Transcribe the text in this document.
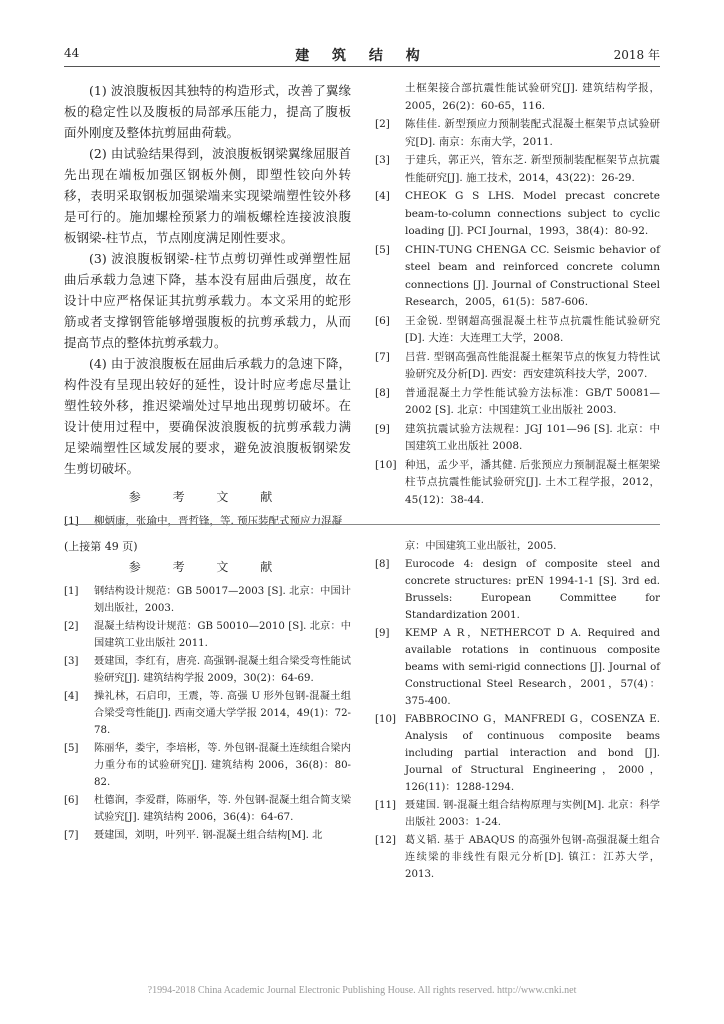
44	建 筑 结 构	2018 年

(1) 波浪腹板因其独特的构造形式，改善了翼缘板的稳定性以及腹板的局部承压能力，提高了腹板面外刚度及整体抗剪屈曲荷载。

(2) 由试验结果得到，波浪腹板钢梁翼缘屈服首先出现在端板加强区钢板外侧，即塑性铰向外转移，表明采取钢板加强梁端来实现梁端塑性铰外移是可行的。施加螺栓预紧力的端板螺栓连接波浪腹板钢梁-柱节点，节点刚度满足刚性要求。

(3) 波浪腹板钢梁-柱节点剪切弹性或弹塑性屈曲后承载力急速下降，基本没有屈曲后强度，故在设计中应严格保证其抗剪承载力。本文采用的蛇形筋或者支撑钢管能够增强腹板的抗剪承载力，从而提高节点的整体抗剪承载力。

(4) 由于波浪腹板在屈曲后承载力的急速下降，构件没有呈现出较好的延性，设计时应考虑尽量让塑性较外移，推迟梁端处过早地出现剪切破坏。在设计使用过程中，要确保波浪腹板的抗剪承载力满足梁端塑性区域发展的要求，避免波浪腹板钢梁发生剪切破坏。

参 考 文 献
[1]	柳炳康，张瑜中，晋哲锋，等. 预压装配式预应力混凝
土框架接合部抗震性能试验研究[J]. 建筑结构学报，2005，26(2)：60-65，116.
[2]	陈佳佳. 新型预应力预制装配式混凝土框架节点试验研究[D]. 南京：东南大学，2011.
[3]	于建兵，郭正兴，管东芝. 新型预制装配框架节点抗震性能研究[J]. 施工技术，2014，43(22)：26-29.
[4]	CHEOK G S LHS. Model precast concrete beam-to-column connections subject to cyclic loading [J]. PCI Journal，1993，38(4)：80-92.
[5]	CHIN-TUNG CHENGA CC. Seismic behavior of steel beam and reinforced concrete column connections [J]. Journal of Constructional Steel Research，2005，61(5)：587-606.
[6]	王金锐. 型钢超高强混凝土柱节点抗震性能试验研究[D]. 大连：大连理工大学，2008.
[7]	吕营. 型钢高强高性能混凝土框架节点的恢复力特性试验研究及分析[D]. 西安：西安建筑科技大学，2007.
[8]	普通混凝土力学性能试验方法标准：GB/T 50081—2002 [S]. 北京：中国建筑工业出版社 2003.
[9]	建筑抗震试验方法规程：JGJ 101—96 [S]. 北京：中国建筑工业出版社 2008.
[10] 种迅，孟少平，潘其健. 后张预应力预制混凝土框架梁柱节点抗震性能试验研究[J]. 土木工程学报，2012，45(12)：38-44.
(上接第 49 页)
参 考 文 献
[1]	钢结构设计规范：GB 50017—2003 [S]. 北京：中国计划出版社，2003.
[2]	混凝土结构设计规范：GB 50010—2010 [S]. 北京：中国建筑工业出版社 2011.
[3]	聂建国，李红有，唐亮. 高强钢-混凝土组合梁受弯性能试验研究[J]. 建筑结构学报 2009，30(2)：64-69.
[4]	操礼林，石启印，王震，等. 高强 U 形外包钢-混凝土组合梁受弯性能[J]. 西南交通大学学报 2014，49(1)：72-78.
[5]	陈丽华，娄宇，李培彬，等. 外包钢-混凝土连续组合梁内力重分布的试验研究[J]. 建筑结构 2006，36(8)：80-82.
[6]	杜德润，李爱群，陈丽华，等. 外包钢-混凝土组合简支梁试验究[J]. 建筑结构 2006，36(4)：64-67.
[7]	聂建国，刘明，叶列平. 钢-混凝土组合结构[M]. 北
京：中国建筑工业出版社，2005.
[8]	Eurocode 4: design of composite steel and concrete structures: prEN 1994-1-1 [S]. 3rd ed. Brussels: European Committee for Standardization 2001.
[9]	KEMP A R，NETHERCOT D A. Required and available rotations in continuous composite beams with semi-rigid connections [J]. Journal of Constructional Steel Research，2001，57(4)：375-400.
[10] FABBROCINO G，MANFREDI G，COSENZA E. Analysis of continuous composite beams including partial interaction and bond [J]. Journal of Structural Engineering，2000，126(11)：1288-1294.
[11] 聂建国. 钢-混凝土组合结构原理与实例[M]. 北京：科学出版社 2003：1-24.
[12] 葛义韬. 基于 ABAQUS 的高强外包钢-高强混凝土组合连续梁的非线性有限元分析[D]. 镇江：江苏大学，2013.
?1994-2018 China Academic Journal Electronic Publishing House. All rights reserved. http://www.cnki.net
